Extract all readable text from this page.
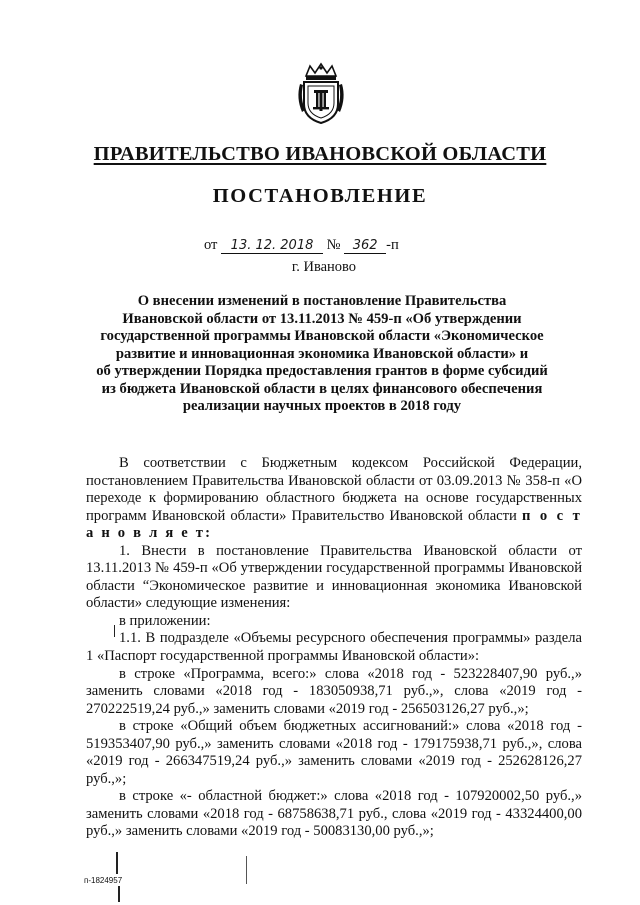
ПРАВИТЕЛЬСТВО ИВАНОВСКОЙ ОБЛАСТИ
ПОСТАНОВЛЕНИЕ
от 13. 12. 2018 № 362 -п
г. Иваново
О внесении изменений в постановление Правительства
Ивановской области от 13.11.2013 № 459-п «Об утверждении
государственной программы Ивановской области «Экономическое
развитие и инновационная экономика Ивановской области» и
об утверждении Порядка предоставления грантов в форме субсидий
из бюджета Ивановской области в целях финансового обеспечения
реализации научных проектов в 2018 году

В соответствии с Бюджетным кодексом Российской Федерации, постановлением Правительства Ивановской области от 03.09.2013 № 358-п «О переходе к формированию областного бюджета на основе государственных программ Ивановской области» Правительство Ивановской области п о с т а н о в л я е т:

1. Внести в постановление Правительства Ивановской области от 13.11.2013 № 459-п «Об утверждении государственной программы Ивановской области “Экономическое развитие и инновационная экономика Ивановской области» следующие изменения:

в приложении:

1.1. В подразделе «Объемы ресурсного обеспечения программы» раздела 1 «Паспорт государственной программы Ивановской области»:

в строке «Программа, всего:» слова «2018 год - 523228407,90 руб.,» заменить словами «2018 год - 183050938,71 руб.,», слова «2019 год - 270222519,24 руб.,» заменить словами «2019 год - 256503126,27 руб.,»;

в строке «Общий объем бюджетных ассигнований:» слова «2018 год - 519353407,90 руб.,» заменить словами «2018 год - 179175938,71 руб.,», слова «2019 год - 266347519,24 руб.,» заменить словами «2019 год - 252628126,27 руб.,»;

в строке «- областной бюджет:» слова «2018 год - 107920002,50 руб.,» заменить словами «2018 год - 68758638,71 руб., слова «2019 год - 43324400,00 руб.,» заменить словами «2019 год - 50083130,00 руб.,»;

п-1824957
